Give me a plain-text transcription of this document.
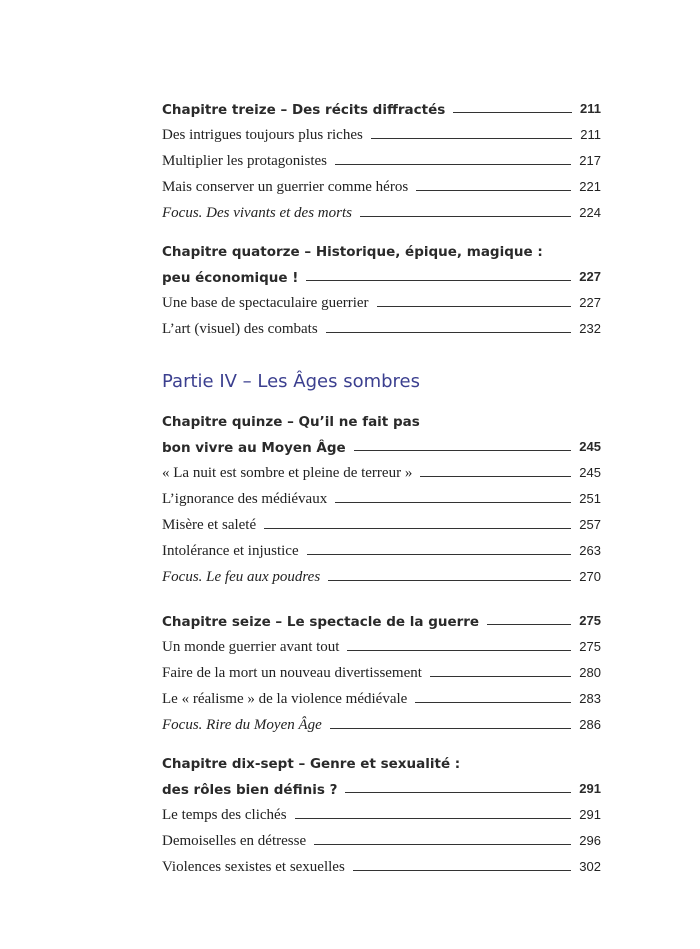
Chapitre treize – Des récits diffractés	211
Des intrigues toujours plus riches	211
Multiplier les protagonistes	217
Mais conserver un guerrier comme héros	221
Focus. Des vivants et des morts	224
Chapitre quatorze – Historique, épique, magique :
peu économique !	227
Une base de spectaculaire guerrier	227
L’art (visuel) des combats	232
Partie IV – Les Âges sombres
Chapitre quinze – Qu’il ne fait pas
bon vivre au Moyen Âge	245
« La nuit est sombre et pleine de terreur »	245
L’ignorance des médiévaux	251
Misère et saleté	257
Intolérance et injustice	263
Focus. Le feu aux poudres	270
Chapitre seize – Le spectacle de la guerre	275
Un monde guerrier avant tout	275
Faire de la mort un nouveau divertissement	280
Le « réalisme » de la violence médiévale	283
Focus. Rire du Moyen Âge	286
Chapitre dix-sept – Genre et sexualité :
des rôles bien définis ?	291
Le temps des clichés	291
Demoiselles en détresse	296
Violences sexistes et sexuelles	302
